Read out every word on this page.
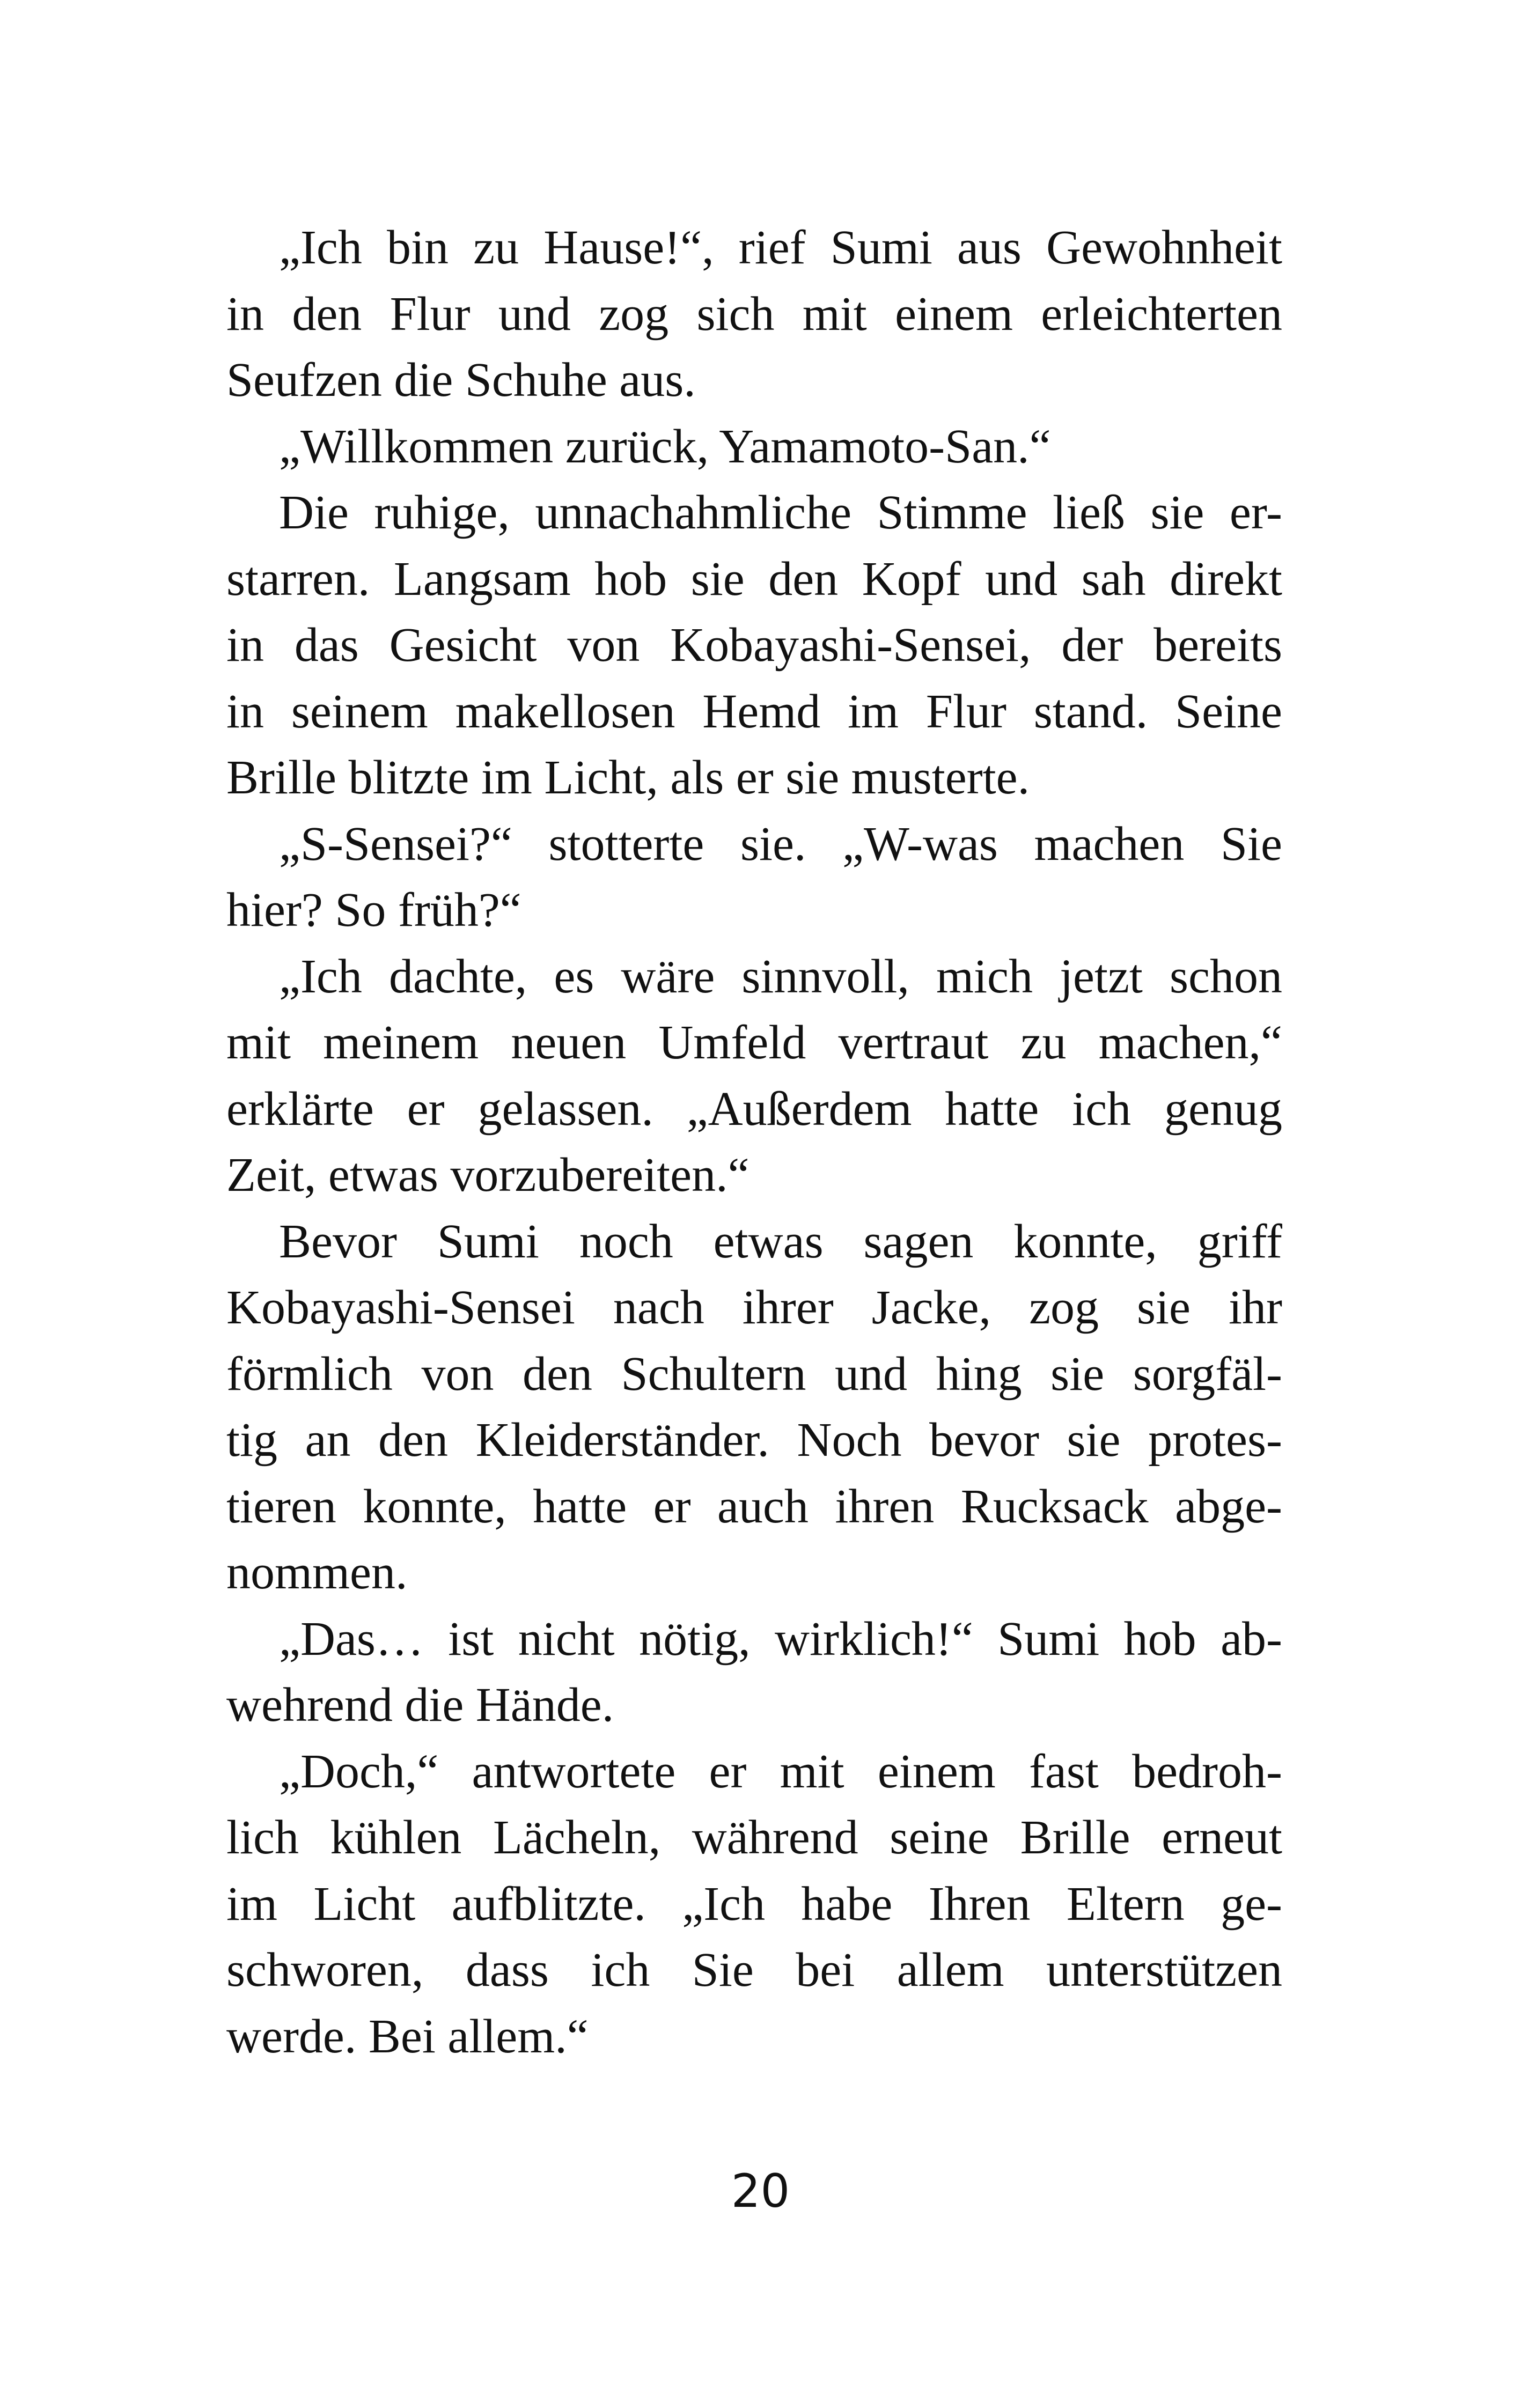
„Ich bin zu Hause!“, rief Sumi aus Gewohnheit
in den Flur und zog sich mit einem erleichterten
Seufzen die Schuhe aus.
„Willkommen zurück, Yamamoto-San.“
Die ruhige, unnachahmliche Stimme ließ sie er-
starren. Langsam hob sie den Kopf und sah direkt
in das Gesicht von Kobayashi-Sensei, der bereits
in seinem makellosen Hemd im Flur stand. Seine
Brille blitzte im Licht, als er sie musterte.
„S-Sensei?“ stotterte sie. „W-was machen Sie
hier? So früh?“
„Ich dachte, es wäre sinnvoll, mich jetzt schon
mit meinem neuen Umfeld vertraut zu machen,“
erklärte er gelassen. „Außerdem hatte ich genug
Zeit, etwas vorzubereiten.“
Bevor Sumi noch etwas sagen konnte, griff
Kobayashi-Sensei nach ihrer Jacke, zog sie ihr
förmlich von den Schultern und hing sie sorgfäl-
tig an den Kleiderständer. Noch bevor sie protes-
tieren konnte, hatte er auch ihren Rucksack abge-
nommen.
„Das… ist nicht nötig, wirklich!“ Sumi hob ab-
wehrend die Hände.
„Doch,“ antwortete er mit einem fast bedroh-
lich kühlen Lächeln, während seine Brille erneut
im Licht aufblitzte. „Ich habe Ihren Eltern ge-
schworen, dass ich Sie bei allem unterstützen
werde. Bei allem.“
20
